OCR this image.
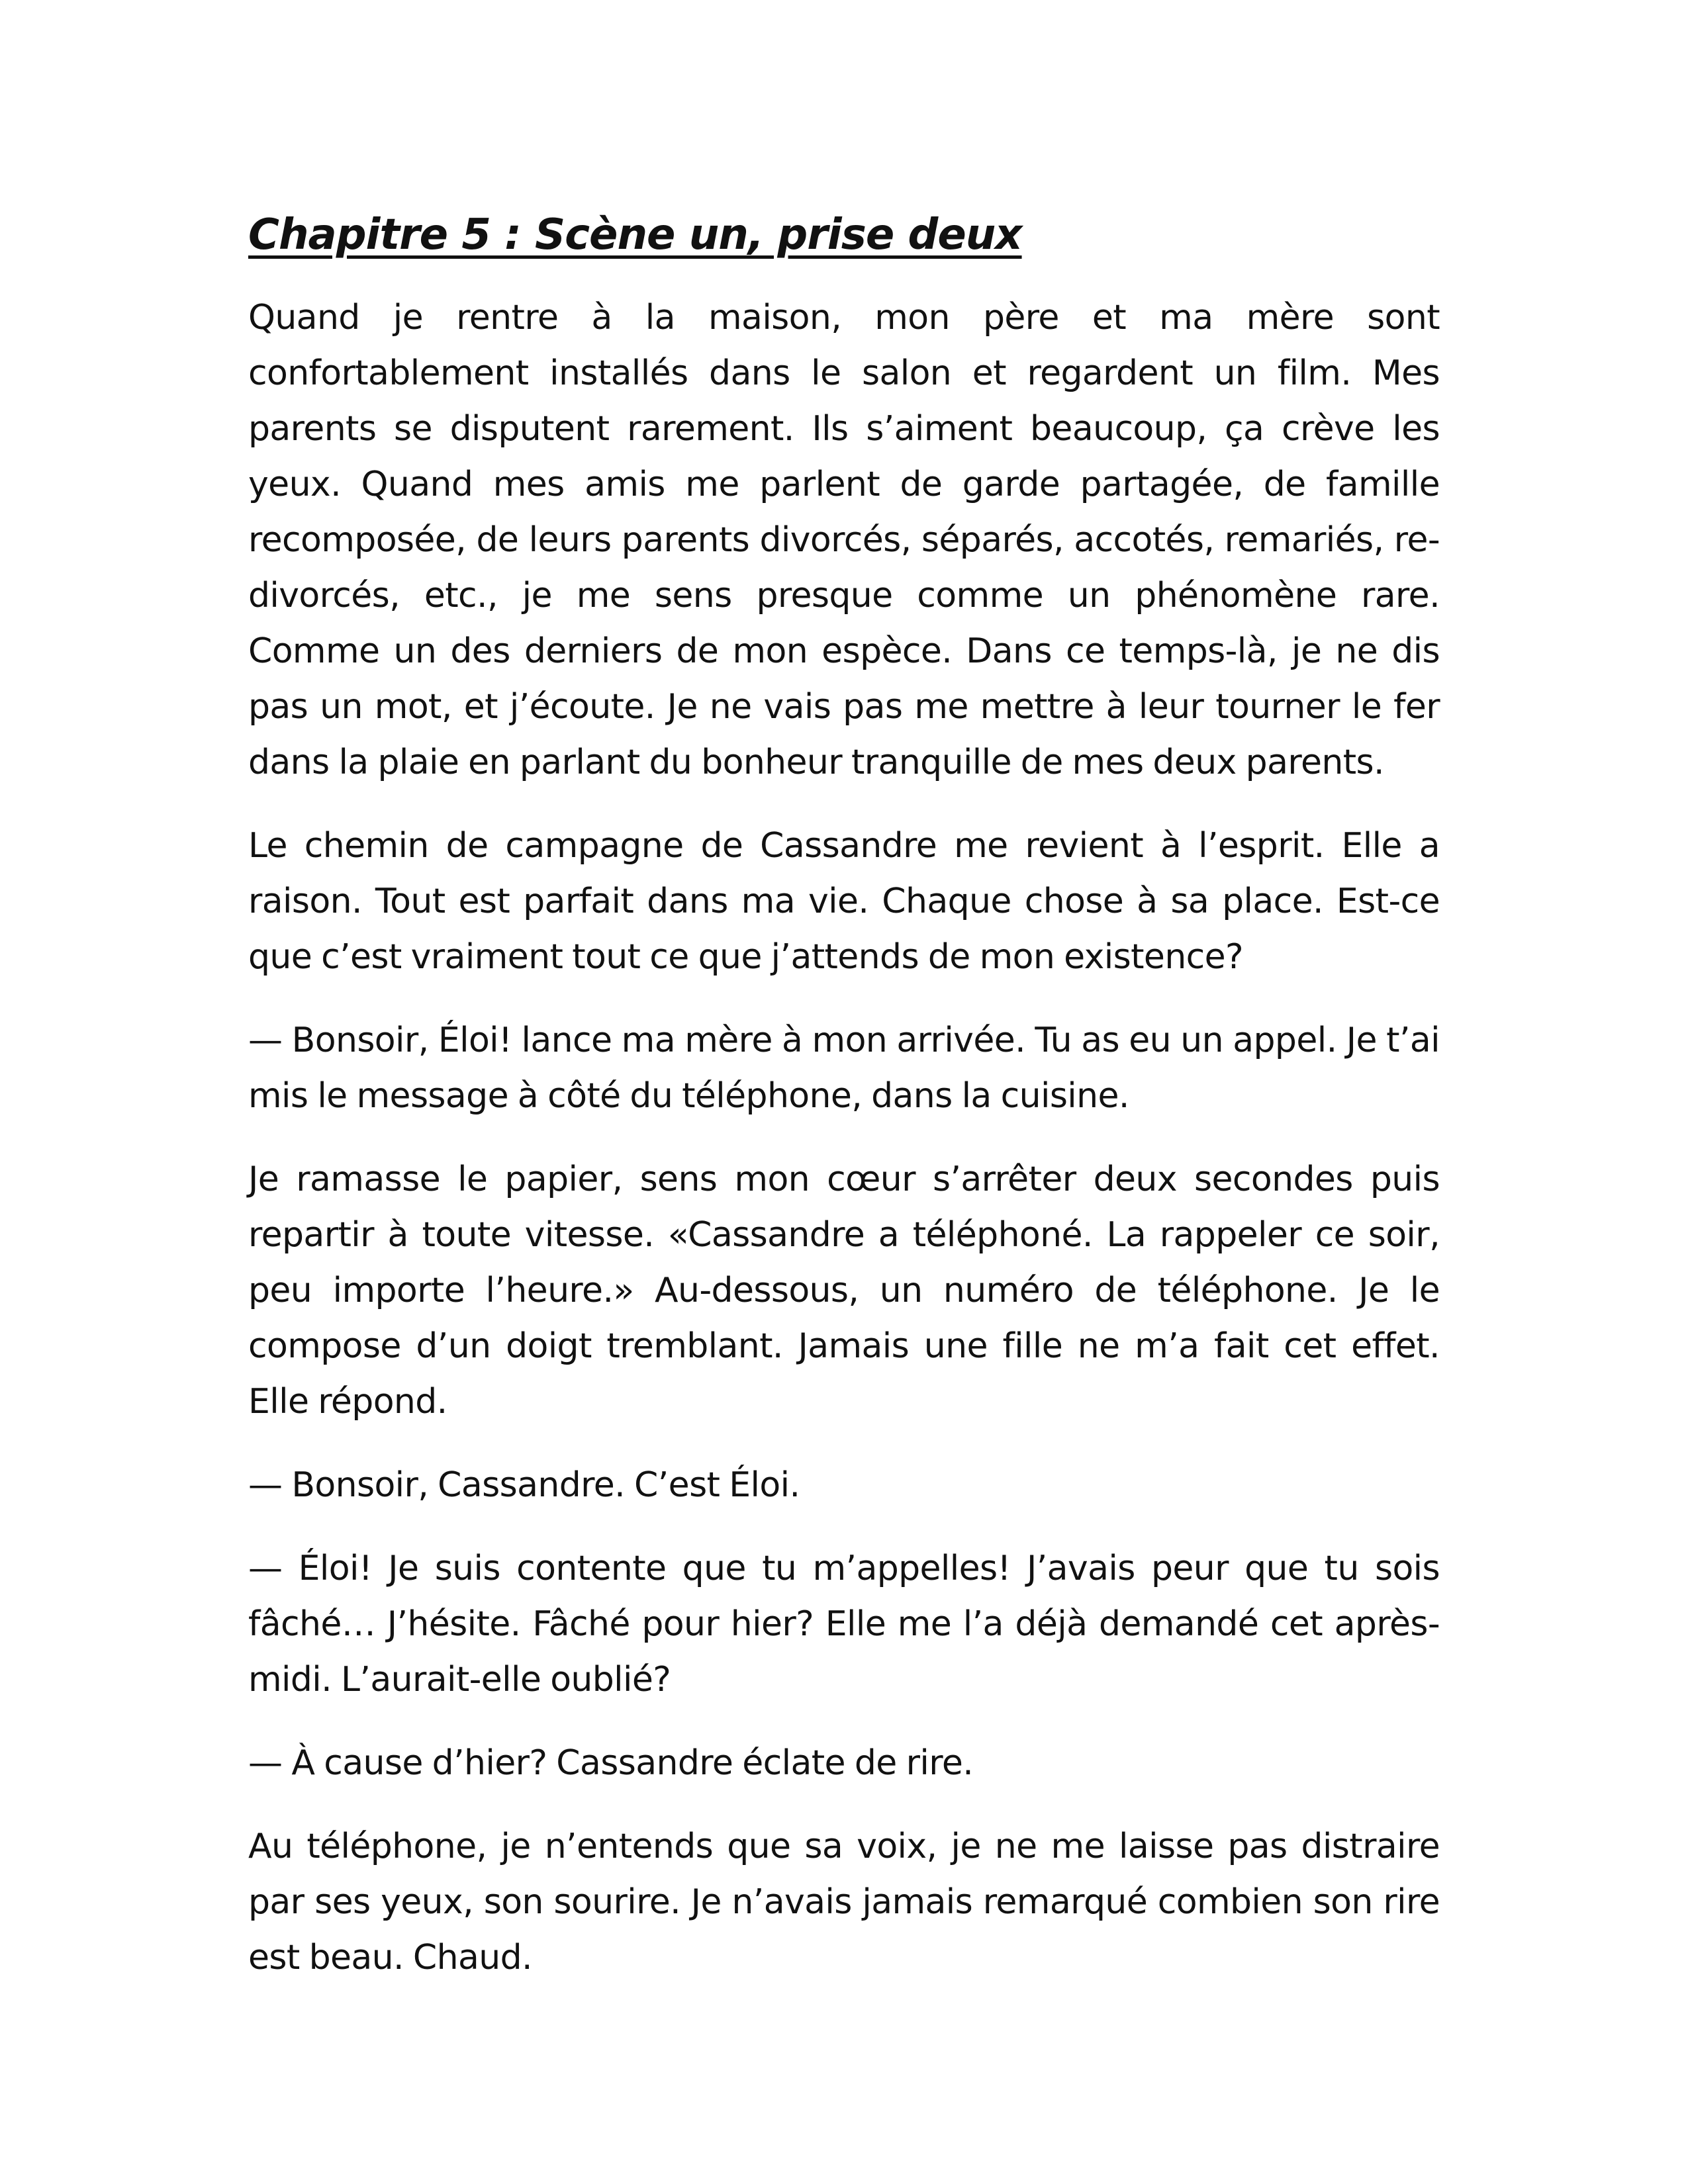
Chapitre 5 : Scène un, prise deux

Quand je rentre à la maison, mon père et ma mère sont confortablement installés dans le salon et regardent un film. Mes parents se disputent rarement. Ils s’aiment beaucoup, ça crève les yeux. Quand mes amis me parlent de garde partagée, de famille recomposée, de leurs parents divorcés, séparés, accotés, remariés, re-divorcés, etc., je me sens presque comme un phénomène rare. Comme un des derniers de mon espèce. Dans ce temps-là, je ne dis pas un mot, et j’écoute. Je ne vais pas me mettre à leur tourner le fer dans la plaie en parlant du bonheur tranquille de mes deux parents.

Le chemin de campagne de Cassandre me revient à l’esprit. Elle a raison. Tout est parfait dans ma vie. Chaque chose à sa place. Est-ce que c’est vraiment tout ce que j’attends de mon existence?

— Bonsoir, Éloi! lance ma mère à mon arrivée. Tu as eu un appel. Je t’ai mis le message à côté du téléphone, dans la cuisine.

Je ramasse le papier, sens mon cœur s’arrêter deux secondes puis repartir à toute vitesse. «Cassandre a téléphoné. La rappeler ce soir, peu importe l’heure.» Au-dessous, un numéro de téléphone. Je le compose d’un doigt tremblant. Jamais une fille ne m’a fait cet effet. Elle répond.

— Bonsoir, Cassandre. C’est Éloi.

— Éloi! Je suis contente que tu m’appelles! J’avais peur que tu sois fâché… J’hésite. Fâché pour hier? Elle me l’a déjà demandé cet après-midi. L’aurait-elle oublié?

— À cause d’hier? Cassandre éclate de rire.

Au téléphone, je n’entends que sa voix, je ne me laisse pas distraire par ses yeux, son sourire. Je n’avais jamais remarqué combien son rire est beau. Chaud.
